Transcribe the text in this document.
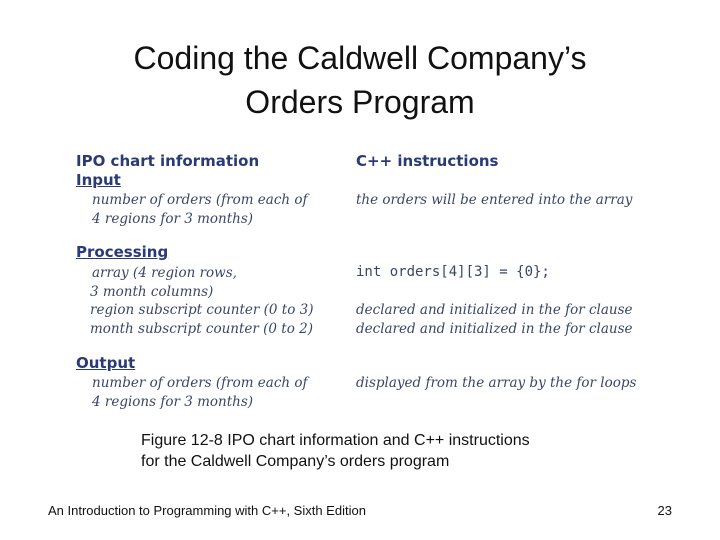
Coding the Caldwell Company’s
Orders Program
IPO chart information	C++ instructions
Input
number of orders (from each of
4 regions for 3 months)
the orders will be entered into the array
Processing
array (4 region rows,
3 month columns)
region subscript counter (0 to 3)
month subscript counter (0 to 2)
int orders[4][3] = {0};
declared and initialized in the for clause
declared and initialized in the for clause
Output
number of orders (from each of
4 regions for 3 months)
displayed from the array by the for loops
Figure 12-8 IPO chart information and C++ instructions
for the Caldwell Company’s orders program
An Introduction to Programming with C++, Sixth Edition	23
